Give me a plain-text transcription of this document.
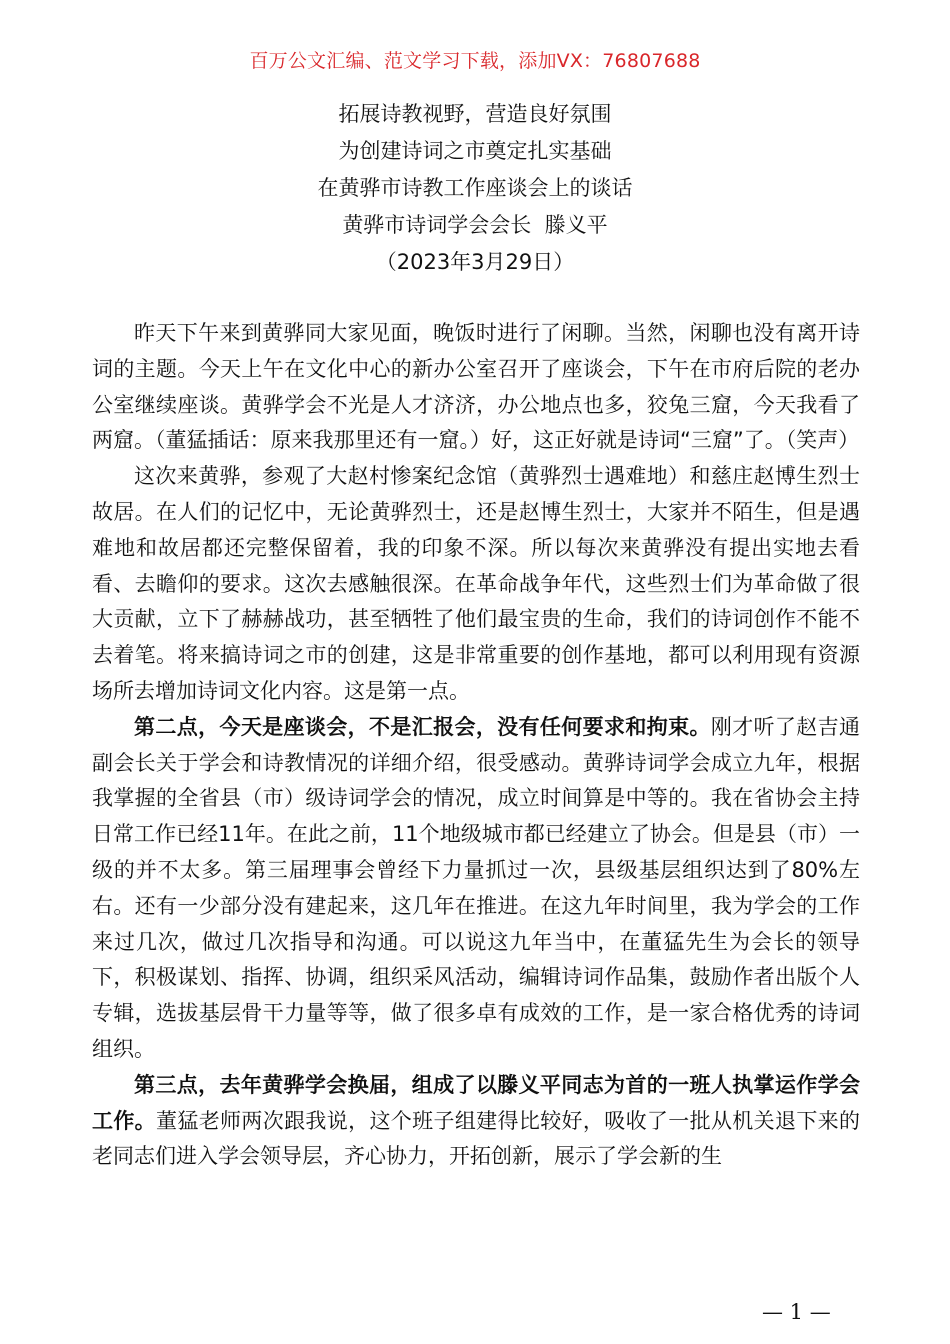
百万公文汇编、范文学习下载，添加VX：76807688
拓展诗教视野，营造良好氛围
为创建诗词之市奠定扎实基础
在黄骅市诗教工作座谈会上的谈话
黄骅市诗词学会会长  滕义平
（2023年3月29日）

昨天下午来到黄骅同大家见面，晚饭时进行了闲聊。当然，闲聊也没有离开诗词的主题。今天上午在文化中心的新办公室召开了座谈会，下午在市府后院的老办公室继续座谈。黄骅学会不光是人才济济，办公地点也多，狡兔三窟，今天我看了两窟。（董猛插话：原来我那里还有一窟。）好，这正好就是诗词“三窟”了。（笑声）

这次来黄骅，参观了大赵村惨案纪念馆（黄骅烈士遇难地）和慈庄赵博生烈士故居。在人们的记忆中，无论黄骅烈士，还是赵博生烈士，大家并不陌生，但是遇难地和故居都还完整保留着，我的印象不深。所以每次来黄骅没有提出实地去看看、去瞻仰的要求。这次去感触很深。在革命战争年代，这些烈士们为革命做了很大贡献，立下了赫赫战功，甚至牺牲了他们最宝贵的生命，我们的诗词创作不能不去着笔。将来搞诗词之市的创建，这是非常重要的创作基地，都可以利用现有资源场所去增加诗词文化内容。这是第一点。

第二点，今天是座谈会，不是汇报会，没有任何要求和拘束。刚才听了赵吉通副会长关于学会和诗教情况的详细介绍，很受感动。黄骅诗词学会成立九年，根据我掌握的全省县（市）级诗词学会的情况，成立时间算是中等的。我在省协会主持日常工作已经11年。在此之前，11个地级城市都已经建立了协会。但是县（市）一级的并不太多。第三届理事会曾经下力量抓过一次，县级基层组织达到了80%左右。还有一少部分没有建起来，这几年在推进。在这九年时间里，我为学会的工作来过几次，做过几次指导和沟通。可以说这九年当中，在董猛先生为会长的领导下，积极谋划、指挥、协调，组织采风活动，编辑诗词作品集，鼓励作者出版个人专辑，选拔基层骨干力量等等，做了很多卓有成效的工作，是一家合格优秀的诗词组织。

第三点，去年黄骅学会换届，组成了以滕义平同志为首的一班人执掌运作学会工作。董猛老师两次跟我说，这个班子组建得比较好，吸收了一批从机关退下来的老同志们进入学会领导层，齐心协力，开拓创新，展示了学会新的生

— 1 —
